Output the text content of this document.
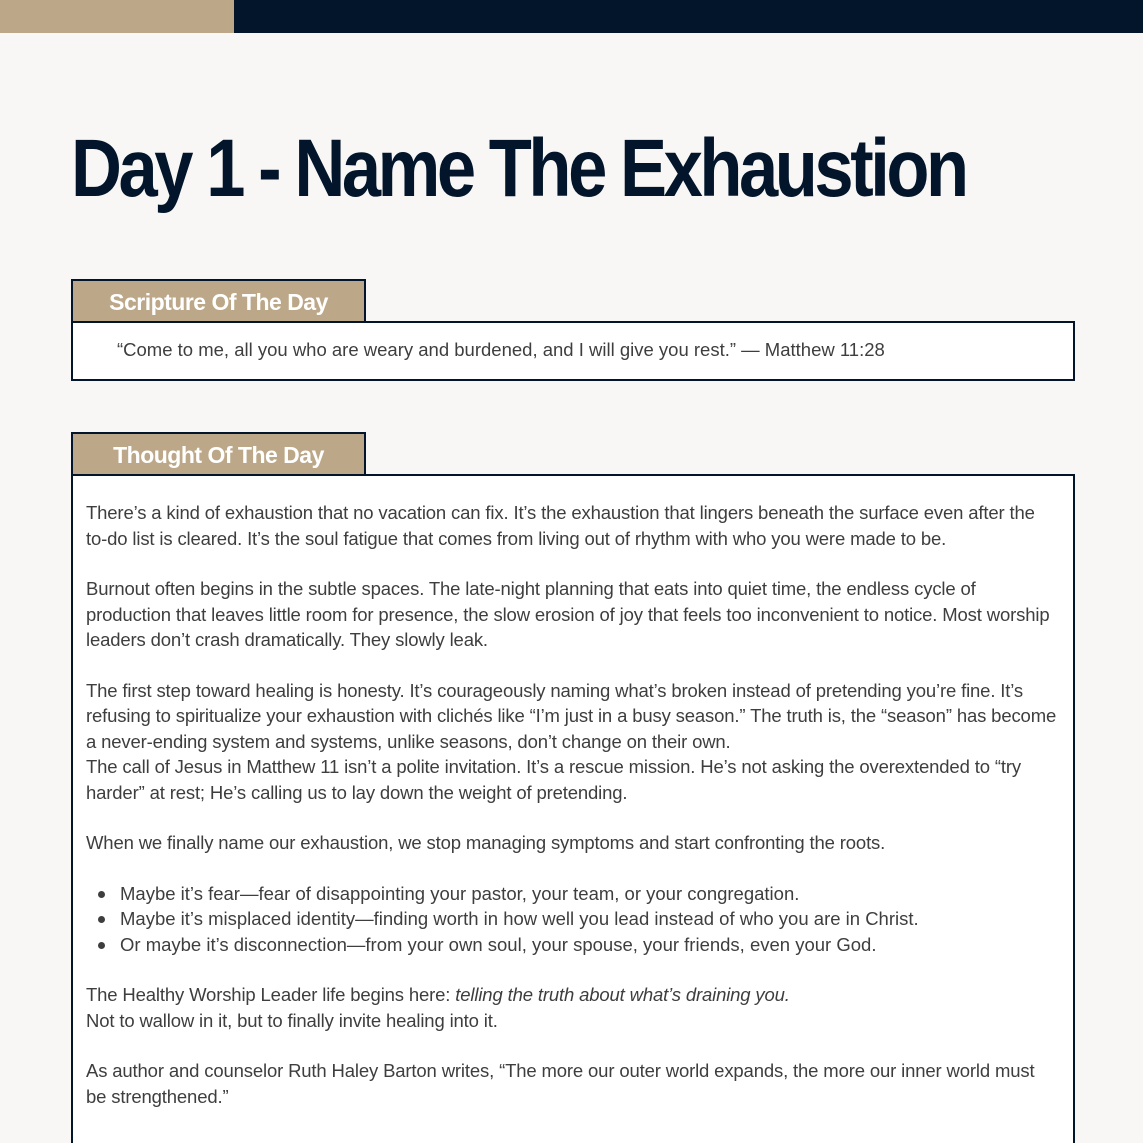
Day 1 - Name The Exhaustion
Scripture Of The Day

“Come to me, all you who are weary and burdened, and I will give you rest.” — Matthew 11:28

Thought Of The Day

There’s a kind of exhaustion that no vacation can fix. It’s the exhaustion that lingers beneath the surface even after the to-do list is cleared. It’s the soul fatigue that comes from living out of rhythm with who you were made to be.

Burnout often begins in the subtle spaces. The late-night planning that eats into quiet time, the endless cycle of production that leaves little room for presence, the slow erosion of joy that feels too inconvenient to notice. Most worship leaders don’t crash dramatically. They slowly leak.

The first step toward healing is honesty. It’s courageously naming what’s broken instead of pretending you’re fine. It’s refusing to spiritualize your exhaustion with clichés like “I’m just in a busy season.” The truth is, the “season” has become a never-ending system and systems, unlike seasons, don’t change on their own.

The call of Jesus in Matthew 11 isn’t a polite invitation. It’s a rescue mission. He’s not asking the overextended to “try harder” at rest; He’s calling us to lay down the weight of pretending.

When we finally name our exhaustion, we stop managing symptoms and start confronting the roots.

Maybe it’s fear—fear of disappointing your pastor, your team, or your congregation.
Maybe it’s misplaced identity—finding worth in how well you lead instead of who you are in Christ.
Or maybe it’s disconnection—from your own soul, your spouse, your friends, even your God.

The Healthy Worship Leader life begins here: telling the truth about what’s draining you.

Not to wallow in it, but to finally invite healing into it.

As author and counselor Ruth Haley Barton writes, “The more our outer world expands, the more our inner world must be strengthened.”
